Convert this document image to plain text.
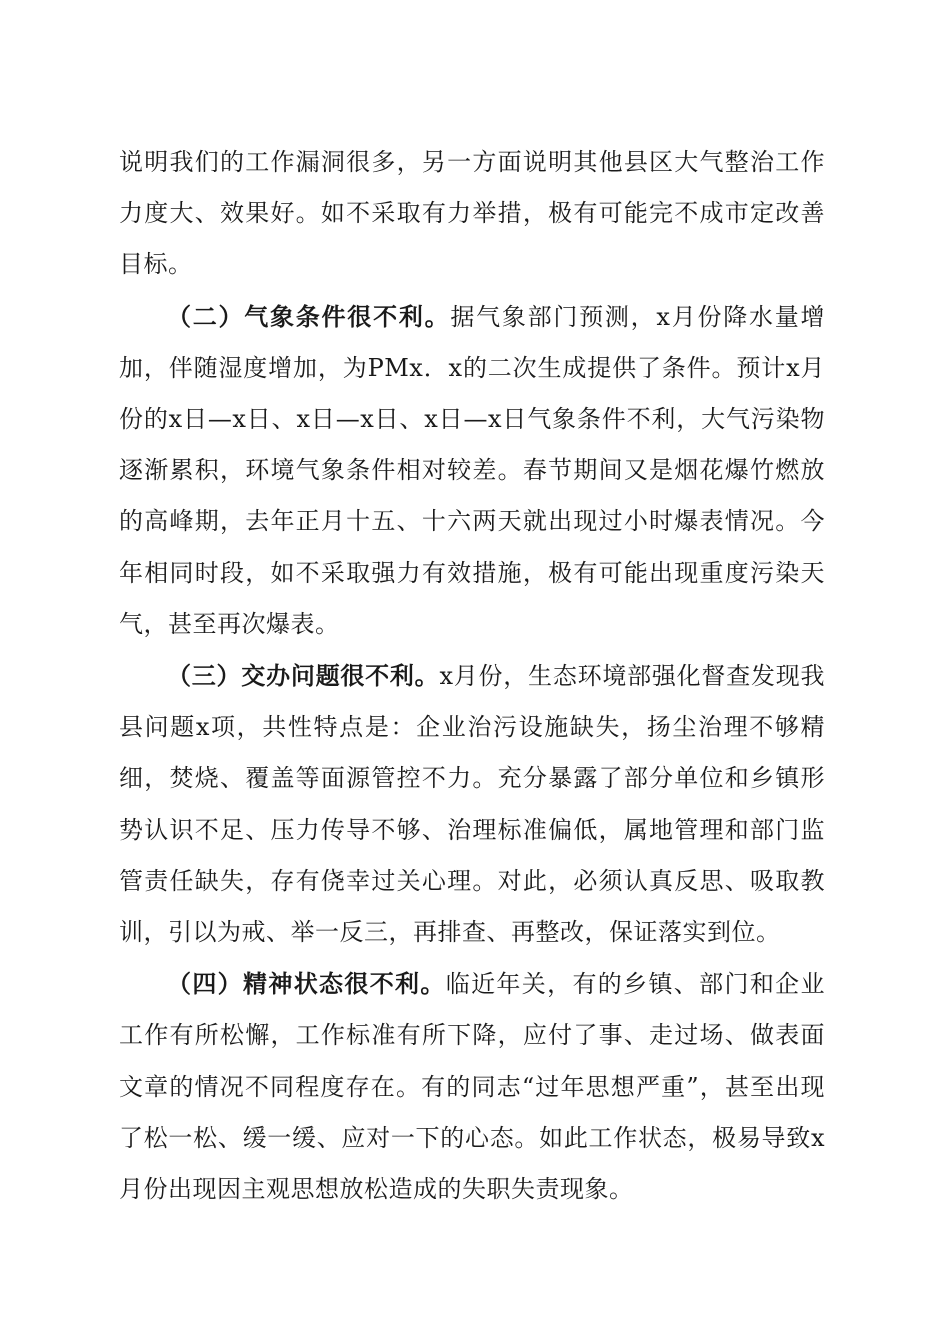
说明我们的工作漏洞很多，另一方面说明其他县区大气整治工作力度大、效果好。如不采取有力举措，极有可能完不成市定改善目标。

（二）气象条件很不利。据气象部门预测，x月份降水量增加，伴随湿度增加，为PMx．x的二次生成提供了条件。预计x月份的x日—x日、x日—x日、x日—x日气象条件不利，大气污染物逐渐累积，环境气象条件相对较差。春节期间又是烟花爆竹燃放的高峰期，去年正月十五、十六两天就出现过小时爆表情况。今年相同时段，如不采取强力有效措施，极有可能出现重度污染天气，甚至再次爆表。

（三）交办问题很不利。x月份，生态环境部强化督查发现我县问题x项，共性特点是：企业治污设施缺失，扬尘治理不够精细，焚烧、覆盖等面源管控不力。充分暴露了部分单位和乡镇形势认识不足、压力传导不够、治理标准偏低，属地管理和部门监管责任缺失，存有侥幸过关心理。对此，必须认真反思、吸取教训，引以为戒、举一反三，再排查、再整改，保证落实到位。

（四）精神状态很不利。临近年关，有的乡镇、部门和企业工作有所松懈，工作标准有所下降，应付了事、走过场、做表面文章的情况不同程度存在。有的同志“过年思想严重”，甚至出现了松一松、缓一缓、应对一下的心态。如此工作状态，极易导致x月份出现因主观思想放松造成的失职失责现象。
